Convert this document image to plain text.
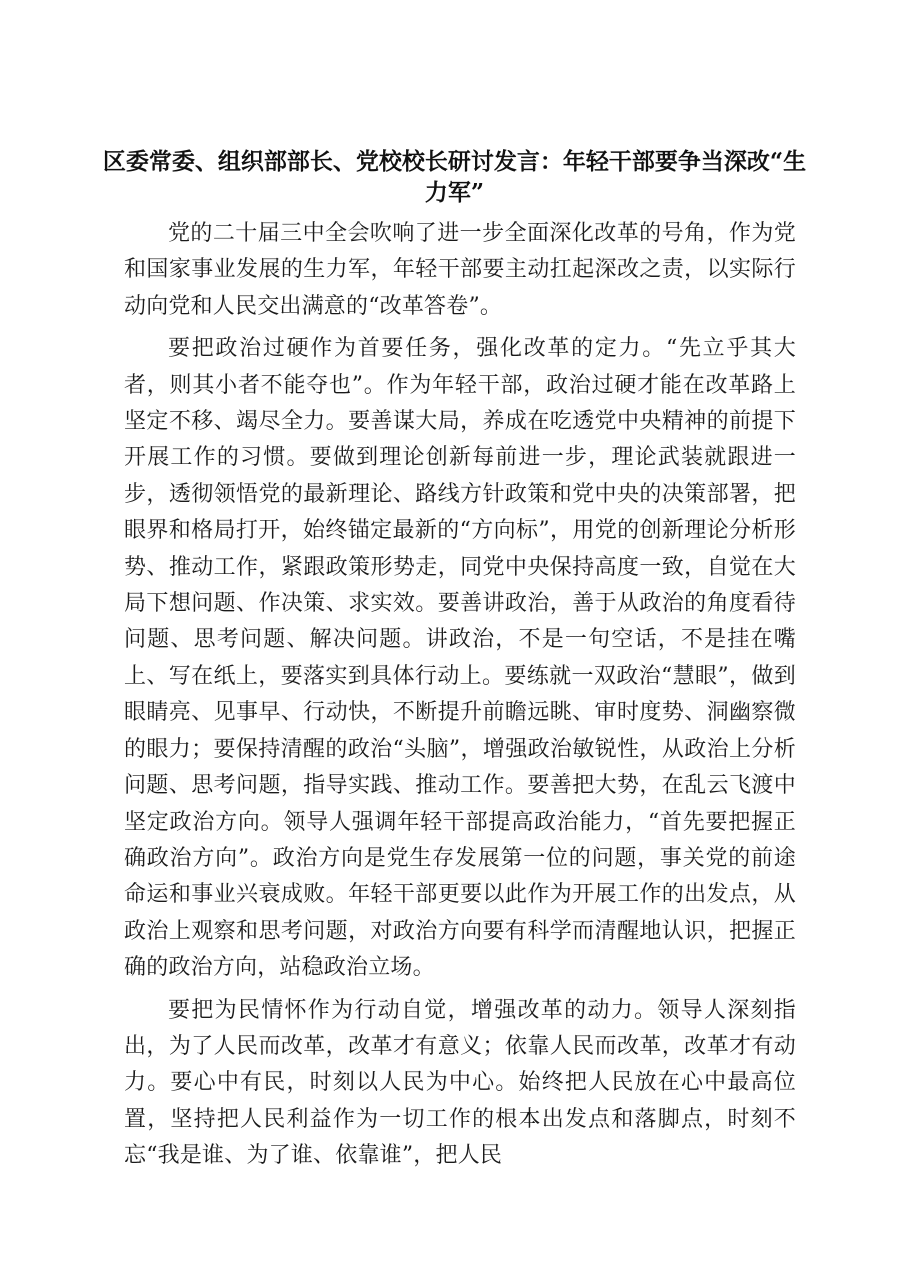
区委常委、组织部部长、党校校长研讨发言：年轻干部要争当深改“生力军”

党的二十届三中全会吹响了进一步全面深化改革的号角，作为党和国家事业发展的生力军，年轻干部要主动扛起深改之责，以实际行动向党和人民交出满意的“改革答卷”。

要把政治过硬作为首要任务，强化改革的定力。“先立乎其大者，则其小者不能夺也”。作为年轻干部，政治过硬才能在改革路上坚定不移、竭尽全力。要善谋大局，养成在吃透党中央精神的前提下开展工作的习惯。要做到理论创新每前进一步，理论武装就跟进一步，透彻领悟党的最新理论、路线方针政策和党中央的决策部署，把眼界和格局打开，始终锚定最新的“方向标”，用党的创新理论分析形势、推动工作，紧跟政策形势走，同党中央保持高度一致，自觉在大局下想问题、作决策、求实效。要善讲政治，善于从政治的角度看待问题、思考问题、解决问题。讲政治，不是一句空话，不是挂在嘴上、写在纸上，要落实到具体行动上。要练就一双政治“慧眼”，做到眼睛亮、见事早、行动快，不断提升前瞻远眺、审时度势、洞幽察微的眼力；要保持清醒的政治“头脑”，增强政治敏锐性，从政治上分析问题、思考问题，指导实践、推动工作。要善把大势，在乱云飞渡中坚定政治方向。领导人强调年轻干部提高政治能力，“首先要把握正确政治方向”。政治方向是党生存发展第一位的问题，事关党的前途命运和事业兴衰成败。年轻干部更要以此作为开展工作的出发点，从政治上观察和思考问题，对政治方向要有科学而清醒地认识，把握正确的政治方向，站稳政治立场。

要把为民情怀作为行动自觉，增强改革的动力。领导人深刻指出，为了人民而改革，改革才有意义；依靠人民而改革，改革才有动力。要心中有民，时刻以人民为中心。始终把人民放在心中最高位置，坚持把人民利益作为一切工作的根本出发点和落脚点，时刻不忘“我是谁、为了谁、依靠谁”，把人民
